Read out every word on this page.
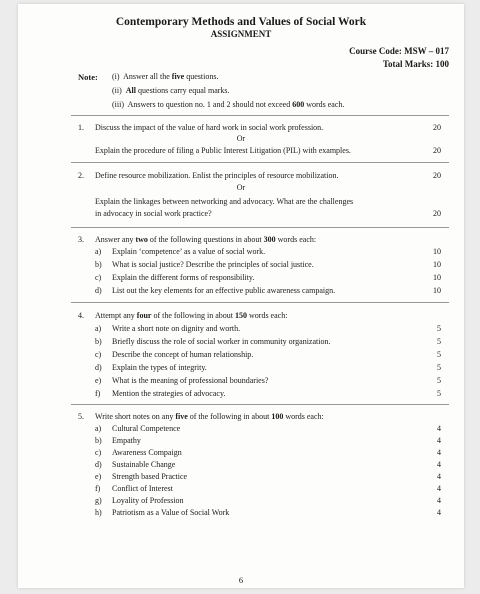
Contemporary Methods and Values of Social Work
ASSIGNMENT
Course Code: MSW – 017
Total Marks: 100
Note: (i) Answer all the five questions.
(ii) All questions carry equal marks.
(iii) Answers to question no. 1 and 2 should not exceed 600 words each.
1. Discuss the impact of the value of hard work in social work profession.	20
Or
Explain the procedure of filing a Public Interest Litigation (PIL) with examples.	20
2. Define resource mobilization. Enlist the principles of resource mobilization.	20
Or
Explain the linkages between networking and advocacy. What are the challenges
in advocacy in social work practice?	20
3. Answer any two of the following questions in about 300 words each:
a) Explain ‘competence’ as a value of social work.	10
b) What is social justice? Describe the principles of social justice.	10
c) Explain the different forms of responsibility.	10
d) List out the key elements for an effective public awareness campaign.	10
4. Attempt any four of the following in about 150 words each:
a) Write a short note on dignity and worth.	5
b) Briefly discuss the role of social worker in community organization.	5
c) Describe the concept of human relationship.	5
d) Explain the types of integrity.	5
e) What is the meaning of professional boundaries?	5
f) Mention the strategies of advocacy.	5
5. Write short notes on any five of the following in about 100 words each:
a) Cultural Competence	4
b) Empathy	4
c) Awareness Compaign	4
d) Sustainable Change	4
e) Strength based Practice	4
f) Conflict of Interest	4
g) Loyality of Profession	4
h) Patriotism as a Value of Social Work	4
6
